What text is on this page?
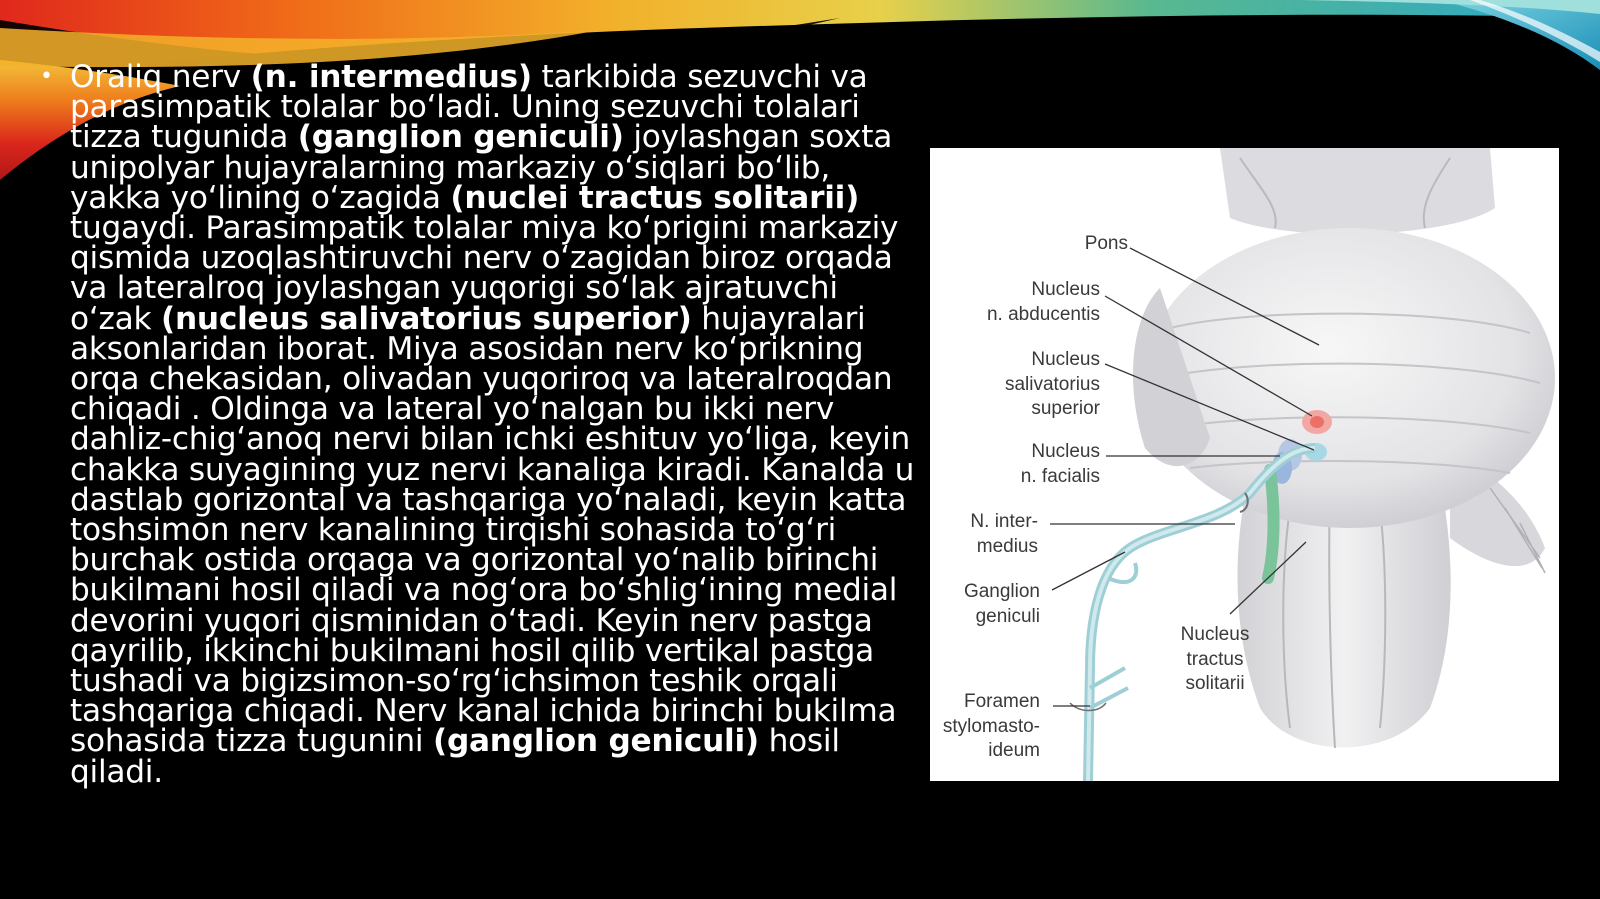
• Oraliq nerv (n. intermedius) tarkibida sezuvchi va parasimpatik tolalar bo‘ladi. Uning sezuvchi tolalari tizza tugunida (ganglion geniculi) joylashgan soxta unipolyar hujayralarning markaziy o‘siqlari bo‘lib, yakka yo‘lining o‘zagida (nuclei tractus solitarii) tugaydi. Parasimpatik tolalar miya ko‘prigini markaziy qismida uzoqlashtiruvchi nerv o‘zagidan biroz orqada va lateralroq joylashgan yuqorigi so‘lak ajratuvchi o‘zak (nucleus salivatorius superior) hujayralari aksonlaridan iborat. Miya asosidan nerv ko‘prikning orqa chekasidan, olivadan yuqoriroq va lateralroqdan chiqadi . Oldinga va lateral yo‘nalgan bu ikki nerv dahliz-chig‘anoq nervi bilan ichki eshituv yo‘liga, keyin chakka suyagining yuz nervi kanaliga kiradi. Kanalda u dastlab gorizontal va tashqariga yo‘naladi, keyin katta toshsimon nerv kanalining tirqishi sohasida to‘g‘ri burchak ostida orqaga va gorizontal yo‘nalib birinchi bukilmani hosil qiladi va nog‘ora bo‘shlig‘ining medial devorini yuqori qisminidan o‘tadi. Keyin nerv pastga qayrilib, ikkinchi bukilmani hosil qilib vertikal pastga tushadi va bigizsimon-so‘rg‘ichsimon teshik orqali tashqariga chiqadi. Nerv kanal ichida birinchi bukilma sohasida tizza tugunini (ganglion geniculi) hosil qiladi.

Pons
Nucleus
n. abducentis
Nucleus
salivatorius
superior
Nucleus
n. facialis
N. inter-
medius
Ganglion
geniculi
Nucleus
tractus
solitarii
Foramen
stylomasto-
ideum
